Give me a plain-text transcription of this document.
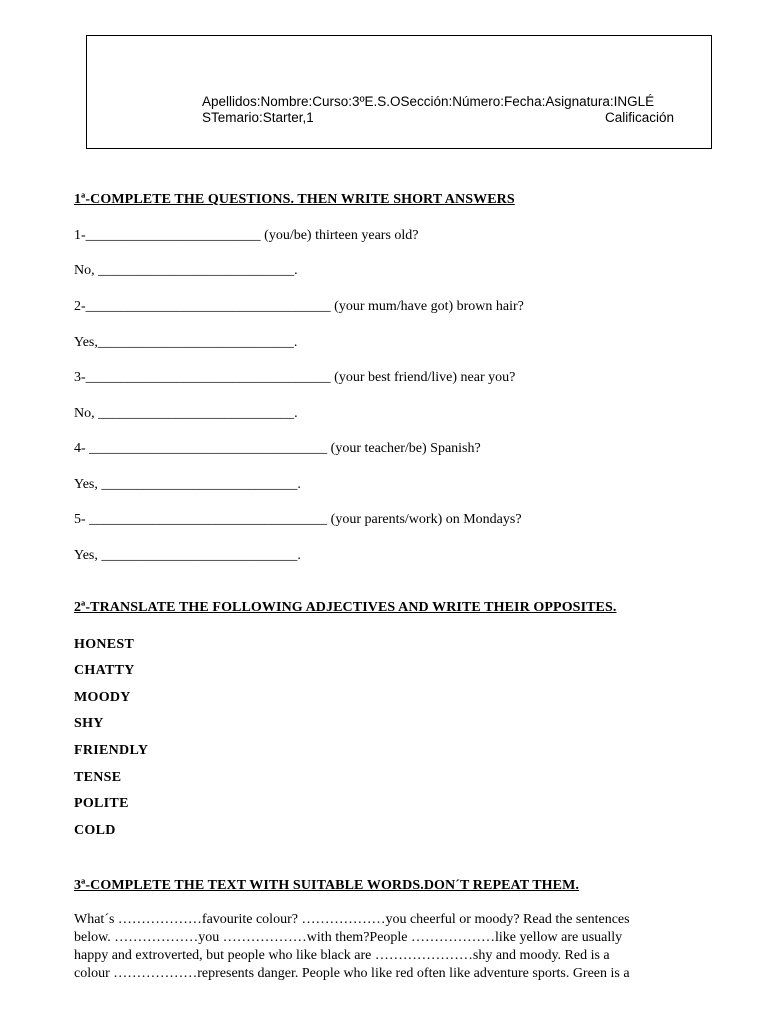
Apellidos:Nombre:Curso:3ºE.S.OSección:Número:Fecha:Asignatura:INGLÉ
STemario:Starter,1	Calificación
1ª-COMPLETE THE QUESTIONS. THEN WRITE SHORT ANSWERS
1-_________________________ (you/be) thirteen years old?
No, ____________________________.
2-___________________________________ (your mum/have got) brown hair?
Yes,____________________________.
3-___________________________________ (your best friend/live) near you?
No, ____________________________.
4- __________________________________ (your teacher/be) Spanish?
Yes, ____________________________.
5- __________________________________ (your parents/work) on Mondays?
Yes, ____________________________.
2ª-TRANSLATE THE FOLLOWING ADJECTIVES AND WRITE THEIR OPPOSITES.
HONEST
CHATTY
MOODY
SHY
FRIENDLY
TENSE
POLITE
COLD
3ª-COMPLETE THE TEXT WITH SUITABLE WORDS.DON´T REPEAT THEM.
What´s ………………favourite colour? ………………you cheerful or moody? Read the sentences
below. ………………you ………………with them?People ………………like yellow are usually
happy and extroverted, but people who like black are …………………shy and moody. Red is a
colour ………………represents danger. People who like red often like adventure sports. Green is a
